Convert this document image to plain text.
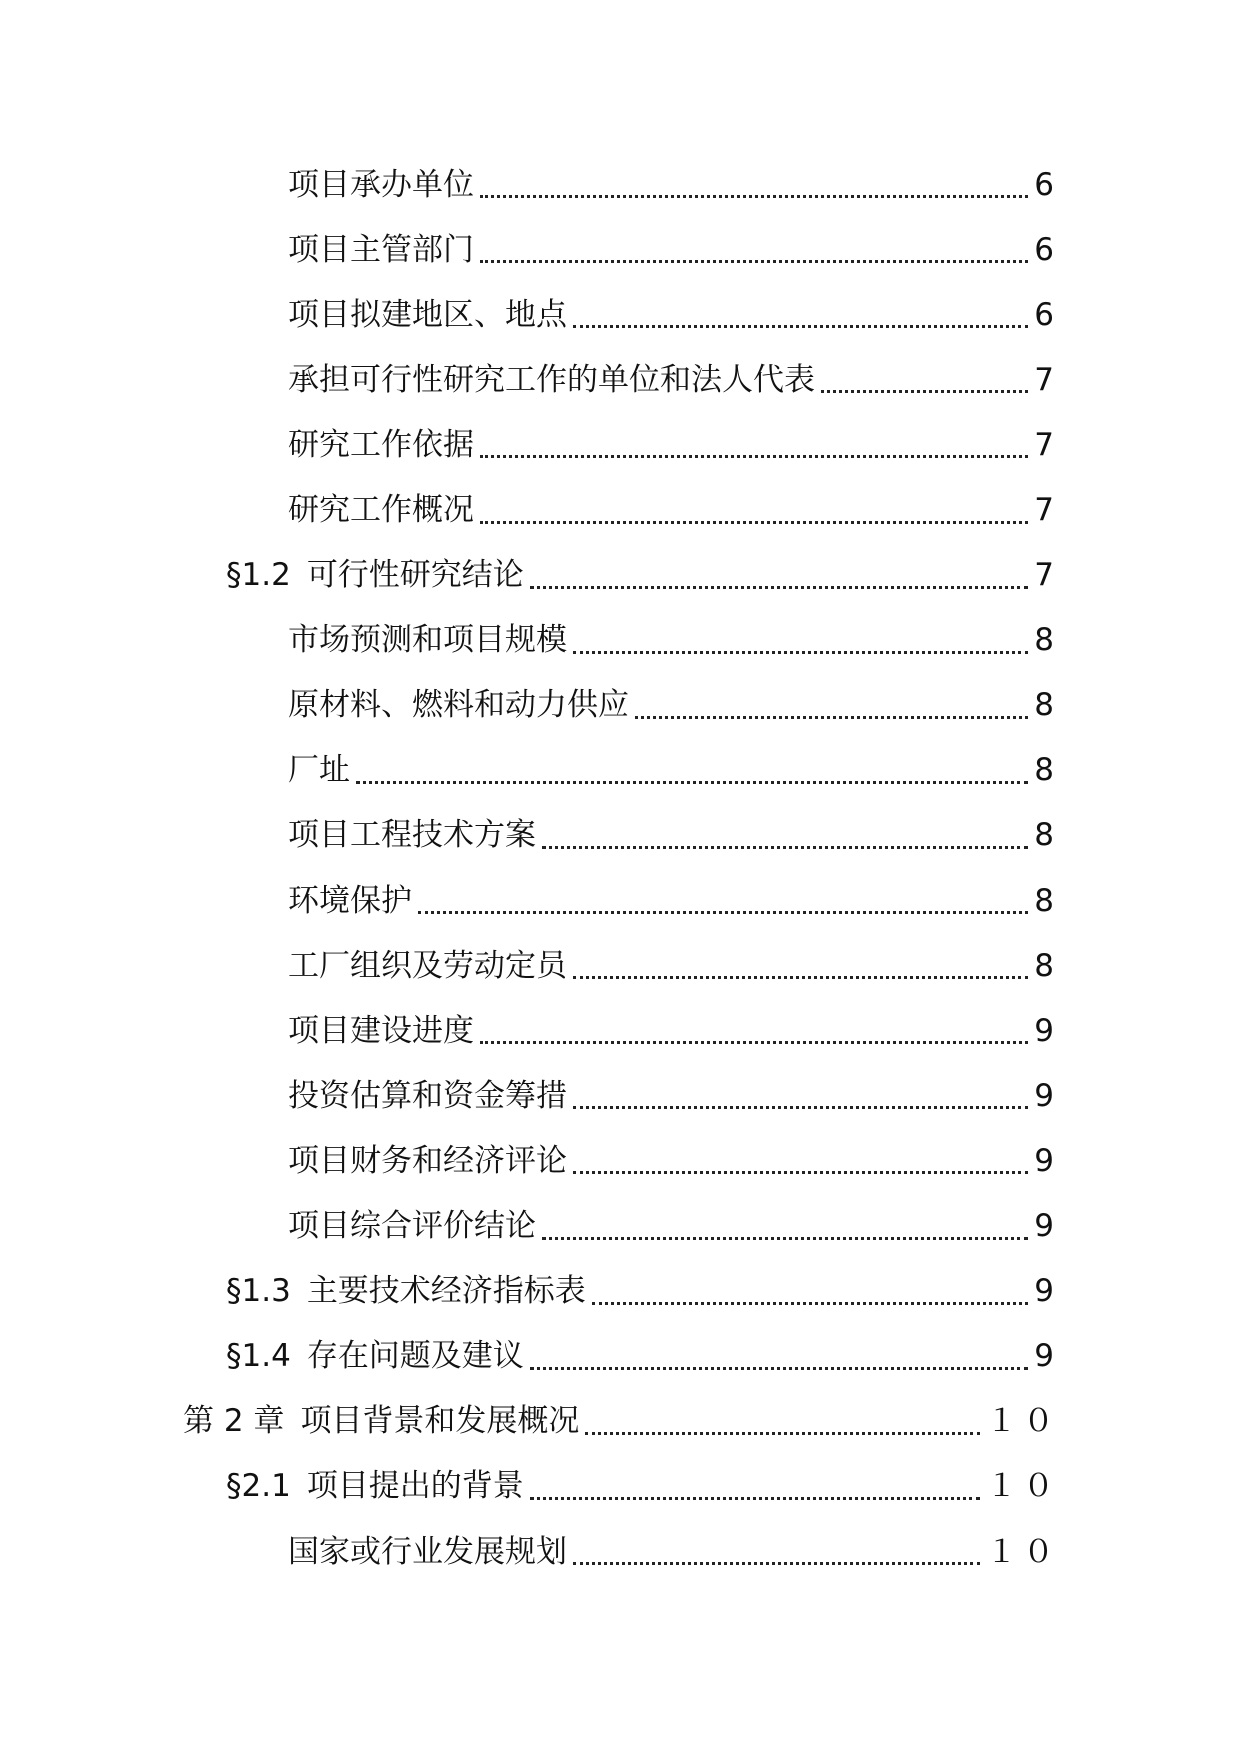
项目承办单位	6
项目主管部门	6
项目拟建地区、地点	6
承担可行性研究工作的单位和法人代表	7
研究工作依据	7
研究工作概况	7
§1.2 可行性研究结论	7
市场预测和项目规模	8
原材料、燃料和动力供应	8
厂址	8
项目工程技术方案	8
环境保护	8
工厂组织及劳动定员	8
项目建设进度	9
投资估算和资金筹措	9
项目财务和经济评论	9
项目综合评价结论	9
§1.3 主要技术经济指标表	9
§1.4 存在问题及建议	9
第 2 章 项目背景和发展概况	１０
§2.1 项目提出的背景	１０
国家或行业发展规划	１０
